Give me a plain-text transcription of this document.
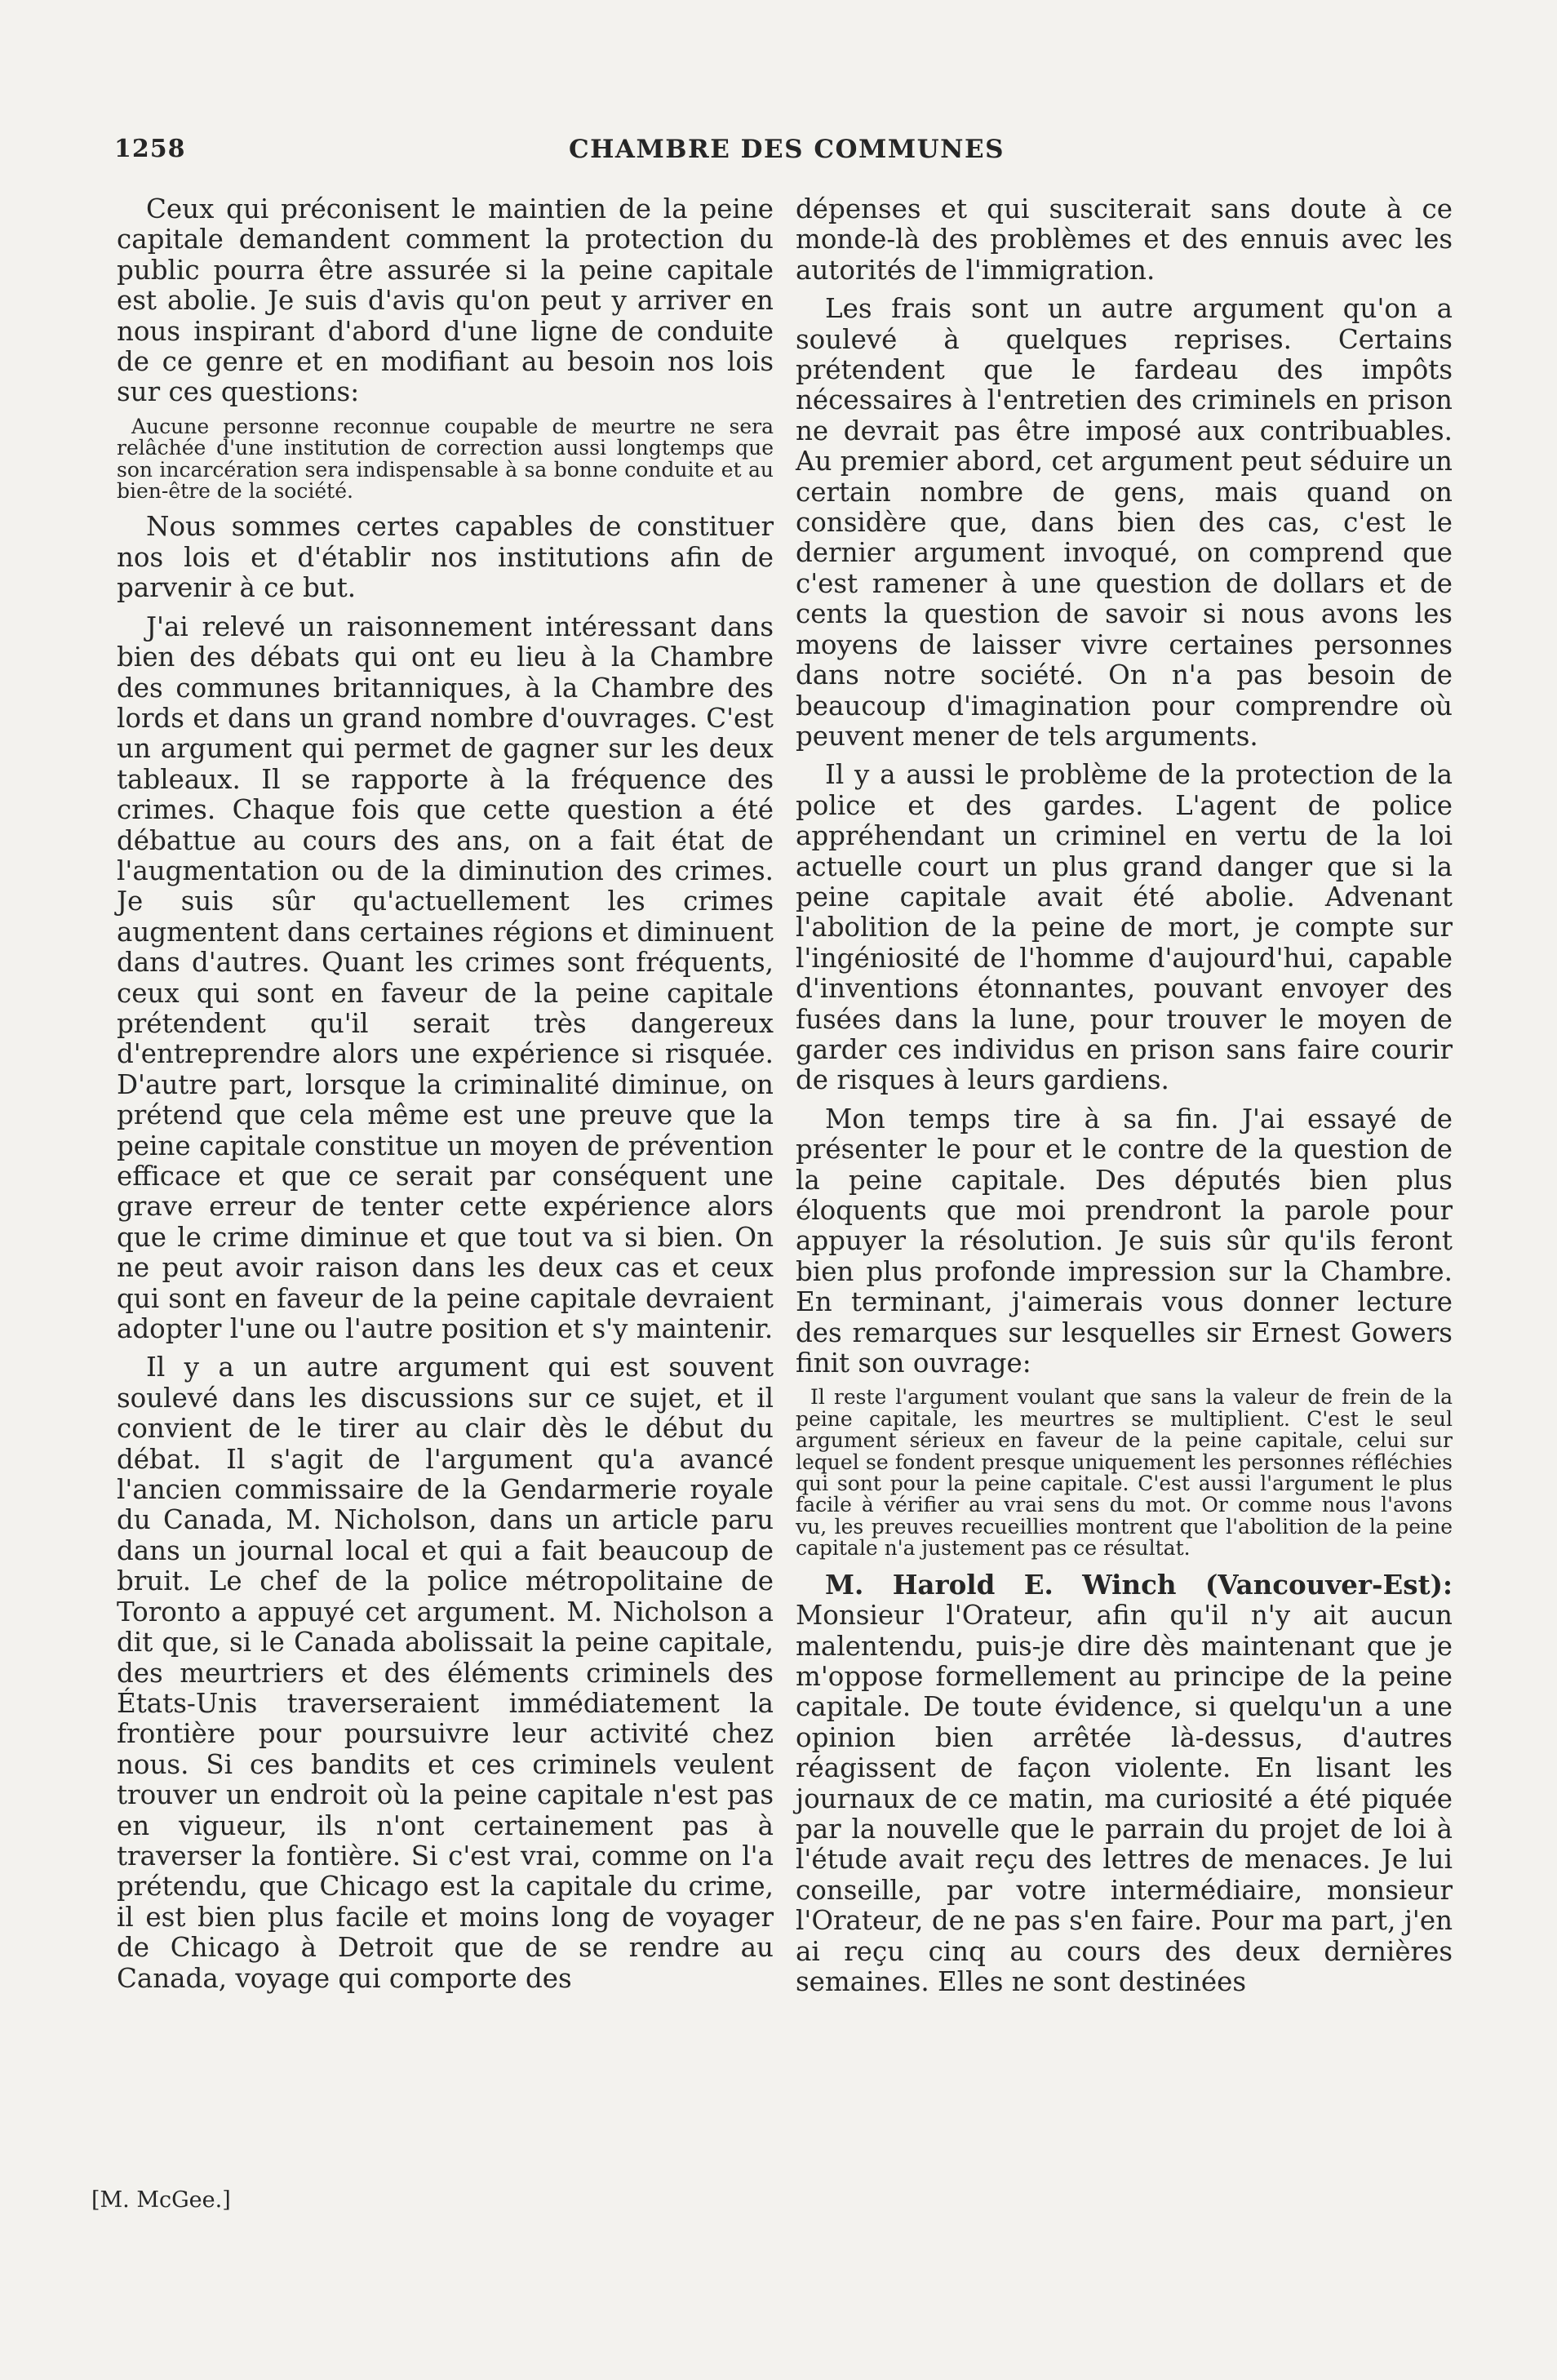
1258	CHAMBRE DES COMMUNES

Ceux qui préconisent le maintien de la peine capitale demandent comment la protection du public pourra être assurée si la peine capitale est abolie. Je suis d'avis qu'on peut y arriver en nous inspirant d'abord d'une ligne de conduite de ce genre et en modifiant au besoin nos lois sur ces questions:

Aucune personne reconnue coupable de meurtre ne sera relâchée d'une institution de correction aussi longtemps que son incarcération sera indispensable à sa bonne conduite et au bien-être de la société.

Nous sommes certes capables de constituer nos lois et d'établir nos institutions afin de parvenir à ce but.

J'ai relevé un raisonnement intéressant dans bien des débats qui ont eu lieu à la Chambre des communes britanniques, à la Chambre des lords et dans un grand nombre d'ouvrages. C'est un argument qui permet de gagner sur les deux tableaux. Il se rapporte à la fréquence des crimes. Chaque fois que cette question a été débattue au cours des ans, on a fait état de l'augmentation ou de la diminution des crimes. Je suis sûr qu'actuellement les crimes augmentent dans certaines régions et diminuent dans d'autres. Quant les crimes sont fréquents, ceux qui sont en faveur de la peine capitale prétendent qu'il serait très dangereux d'entreprendre alors une expérience si risquée. D'autre part, lorsque la criminalité diminue, on prétend que cela même est une preuve que la peine capitale constitue un moyen de prévention efficace et que ce serait par conséquent une grave erreur de tenter cette expérience alors que le crime diminue et que tout va si bien. On ne peut avoir raison dans les deux cas et ceux qui sont en faveur de la peine capitale devraient adopter l'une ou l'autre position et s'y maintenir.

Il y a un autre argument qui est souvent soulevé dans les discussions sur ce sujet, et il convient de le tirer au clair dès le début du débat. Il s'agit de l'argument qu'a avancé l'ancien commissaire de la Gendarmerie royale du Canada, M. Nicholson, dans un article paru dans un journal local et qui a fait beaucoup de bruit. Le chef de la police métropolitaine de Toronto a appuyé cet argument. M. Nicholson a dit que, si le Canada abolissait la peine capitale, des meurtriers et des éléments criminels des États-Unis traverseraient immédiatement la frontière pour poursuivre leur activité chez nous. Si ces bandits et ces criminels veulent trouver un endroit où la peine capitale n'est pas en vigueur, ils n'ont certainement pas à traverser la fontière. Si c'est vrai, comme on l'a prétendu, que Chicago est la capitale du crime, il est bien plus facile et moins long de voyager de Chicago à Detroit que de se rendre au Canada, voyage qui comporte des

dépenses et qui susciterait sans doute à ce monde-là des problèmes et des ennuis avec les autorités de l'immigration.

Les frais sont un autre argument qu'on a soulevé à quelques reprises. Certains prétendent que le fardeau des impôts nécessaires à l'entretien des criminels en prison ne devrait pas être imposé aux contribuables. Au premier abord, cet argument peut séduire un certain nombre de gens, mais quand on considère que, dans bien des cas, c'est le dernier argument invoqué, on comprend que c'est ramener à une question de dollars et de cents la question de savoir si nous avons les moyens de laisser vivre certaines personnes dans notre société. On n'a pas besoin de beaucoup d'imagination pour comprendre où peuvent mener de tels arguments.

Il y a aussi le problème de la protection de la police et des gardes. L'agent de police appréhendant un criminel en vertu de la loi actuelle court un plus grand danger que si la peine capitale avait été abolie. Advenant l'abolition de la peine de mort, je compte sur l'ingéniosité de l'homme d'aujourd'hui, capable d'inventions étonnantes, pouvant envoyer des fusées dans la lune, pour trouver le moyen de garder ces individus en prison sans faire courir de risques à leurs gardiens.

Mon temps tire à sa fin. J'ai essayé de présenter le pour et le contre de la question de la peine capitale. Des députés bien plus éloquents que moi prendront la parole pour appuyer la résolution. Je suis sûr qu'ils feront bien plus profonde impression sur la Chambre. En terminant, j'aimerais vous donner lecture des remarques sur lesquelles sir Ernest Gowers finit son ouvrage:

Il reste l'argument voulant que sans la valeur de frein de la peine capitale, les meurtres se multiplient. C'est le seul argument sérieux en faveur de la peine capitale, celui sur lequel se fondent presque uniquement les personnes réfléchies qui sont pour la peine capitale. C'est aussi l'argument le plus facile à vérifier au vrai sens du mot. Or comme nous l'avons vu, les preuves recueillies montrent que l'abolition de la peine capitale n'a justement pas ce résultat.

M. Harold E. Winch (Vancouver-Est): Monsieur l'Orateur, afin qu'il n'y ait aucun malentendu, puis-je dire dès maintenant que je m'oppose formellement au principe de la peine capitale. De toute évidence, si quelqu'un a une opinion bien arrêtée là-dessus, d'autres réagissent de façon violente. En lisant les journaux de ce matin, ma curiosité a été piquée par la nouvelle que le parrain du projet de loi à l'étude avait reçu des lettres de menaces. Je lui conseille, par votre intermédiaire, monsieur l'Orateur, de ne pas s'en faire. Pour ma part, j'en ai reçu cinq au cours des deux dernières semaines. Elles ne sont destinées

[M. McGee.]
